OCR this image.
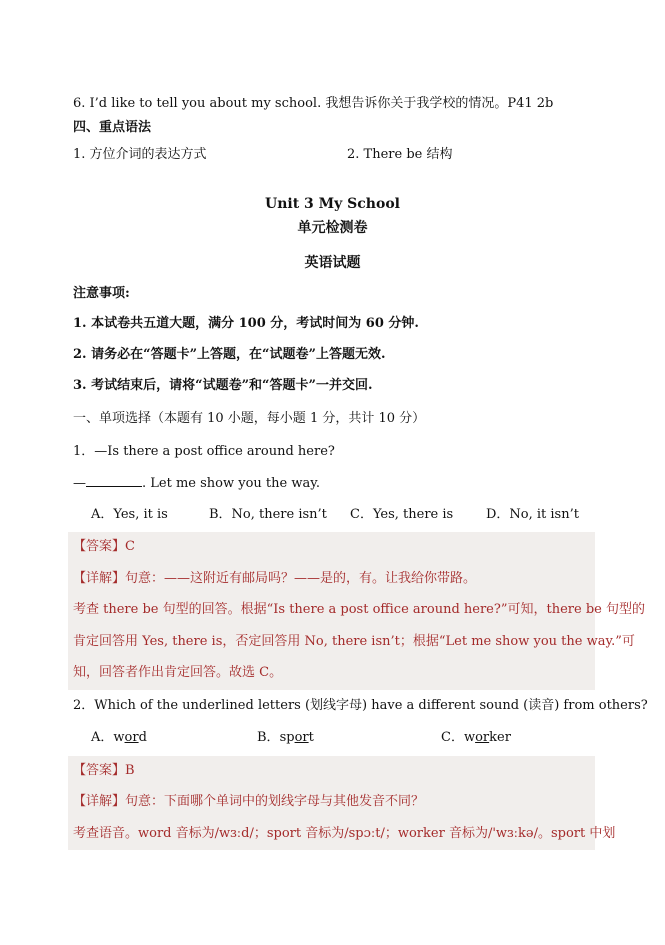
6. I’d like to tell you about my school. 我想告诉你关于我学校的情况。P41 2b
四、重点语法
1. 方位介词的表达方式	2. There be 结构
Unit 3 My School
单元检测卷
英语试题
注意事项:
1. 本试卷共五道大题，满分 100 分，考试时间为 60 分钟.
2. 请务必在“答题卡”上答题，在“试题卷”上答题无效.
3. 考试结束后，请将“试题卷”和“答题卡”一并交回.
一、单项选择（本题有 10 小题，每小题 1 分，共计 10 分）
1．—Is there a post office around here?
—	. Let me show you the way.
A．Yes, it is	B．No, there isn’t C．Yes, there is	D．No, it isn’t
【答案】C
【详解】句意：——这附近有邮局吗？——是的，有。让我给你带路。
考查 there be 句型的回答。根据“Is there a post office around here?”可知，there be 句型的
肯定回答用 Yes, there is，否定回答用 No, there isn’t；根据“Let me show you the way.”可
知，回答者作出肯定回答。故选 C。
2．Which of the underlined letters (划线字母) have a different sound (读音) from others?
A．word	B．sport	C．worker
【答案】B
【详解】句意：下面哪个单词中的划线字母与其他发音不同？
考查语音。word 音标为/wɜːd/；sport 音标为/spɔːt/；worker 音标为/'wɜːkə/。sport 中划
